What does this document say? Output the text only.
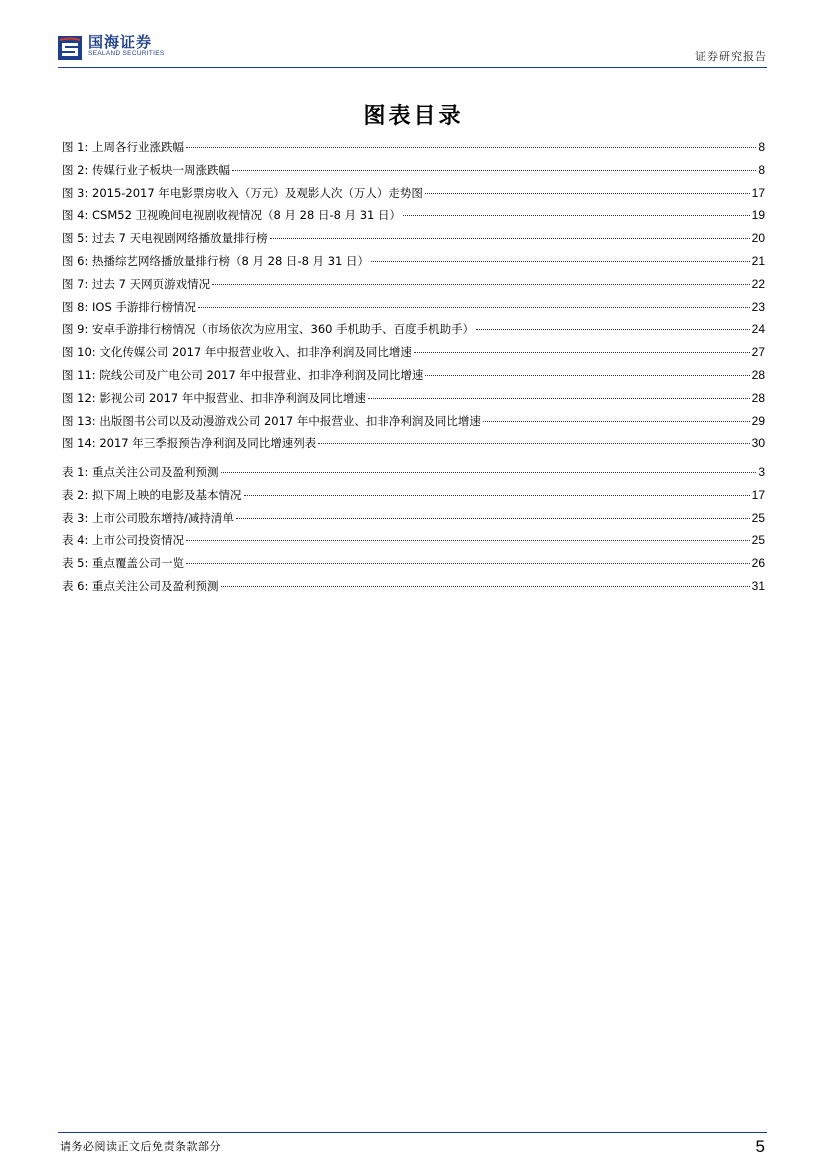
国海证券
SEALAND SECURITIES	证券研究报告
图表目录
图 1: 上周各行业涨跌幅	8
图 2: 传媒行业子板块一周涨跌幅	8
图 3: 2015-2017 年电影票房收入（万元）及观影人次（万人）走势图	17
图 4: CSM52 卫视晚间电视剧收视情况（8 月 28 日-8 月 31 日）	19
图 5: 过去 7 天电视剧网络播放量排行榜	20
图 6: 热播综艺网络播放量排行榜（8 月 28 日-8 月 31 日）	21
图 7: 过去 7 天网页游戏情况	22
图 8: IOS 手游排行榜情况	23
图 9: 安卓手游排行榜情况（市场依次为应用宝、360 手机助手、百度手机助手）	24
图 10: 文化传媒公司 2017 年中报营业收入、扣非净利润及同比增速	27
图 11: 院线公司及广电公司 2017 年中报营业、扣非净利润及同比增速	28
图 12: 影视公司 2017 年中报营业、扣非净利润及同比增速	28
图 13: 出版图书公司以及动漫游戏公司 2017 年中报营业、扣非净利润及同比增速	29
图 14: 2017 年三季报预告净利润及同比增速列表	30
表 1: 重点关注公司及盈利预测	3
表 2: 拟下周上映的电影及基本情况	17
表 3: 上市公司股东增持/减持清单	25
表 4: 上市公司投资情况	25
表 5: 重点覆盖公司一览	26
表 6: 重点关注公司及盈利预测	31
请务必阅读正文后免责条款部分	5
